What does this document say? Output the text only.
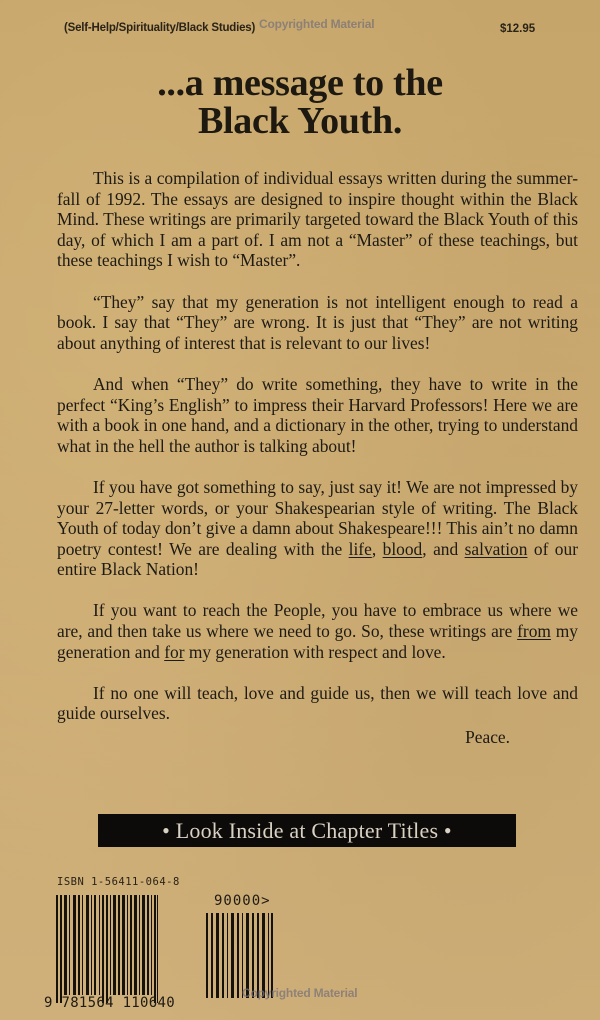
(Self-Help/Spirituality/Black Studies)	$12.95
Copyrighted Material
...a message to the
Black Youth.

This is a compilation of individual essays written during the summer-fall of 1992. The essays are designed to inspire thought within the Black Mind. These writings are primarily targeted toward the Black Youth of this day, of which I am a part of. I am not a “Master” of these teachings, but these teachings I wish to “Master”.

“They” say that my generation is not intelligent enough to read a book. I say that “They” are wrong. It is just that “They” are not writing about anything of interest that is relevant to our lives!

And when “They” do write something, they have to write in the perfect “King’s English” to impress their Harvard Professors! Here we are with a book in one hand, and a dictionary in the other, trying to understand what in the hell the author is talking about!

If you have got something to say, just say it! We are not impressed by your 27-letter words, or your Shakespearian style of writing. The Black Youth of today don’t give a damn about Shakespeare!!! This ain’t no damn poetry contest! We are dealing with the life, blood, and salvation of our entire Black Nation!

If you want to reach the People, you have to embrace us where we are, and then take us where we need to go. So, these writings are from my generation and for my generation with respect and love.

If no one will teach, love and guide us, then we will teach love and guide ourselves.

Peace.

• Look Inside at Chapter Titles •
ISBN 1-56411-064-8
90000>
9 781564 110640
Copyrighted Material
